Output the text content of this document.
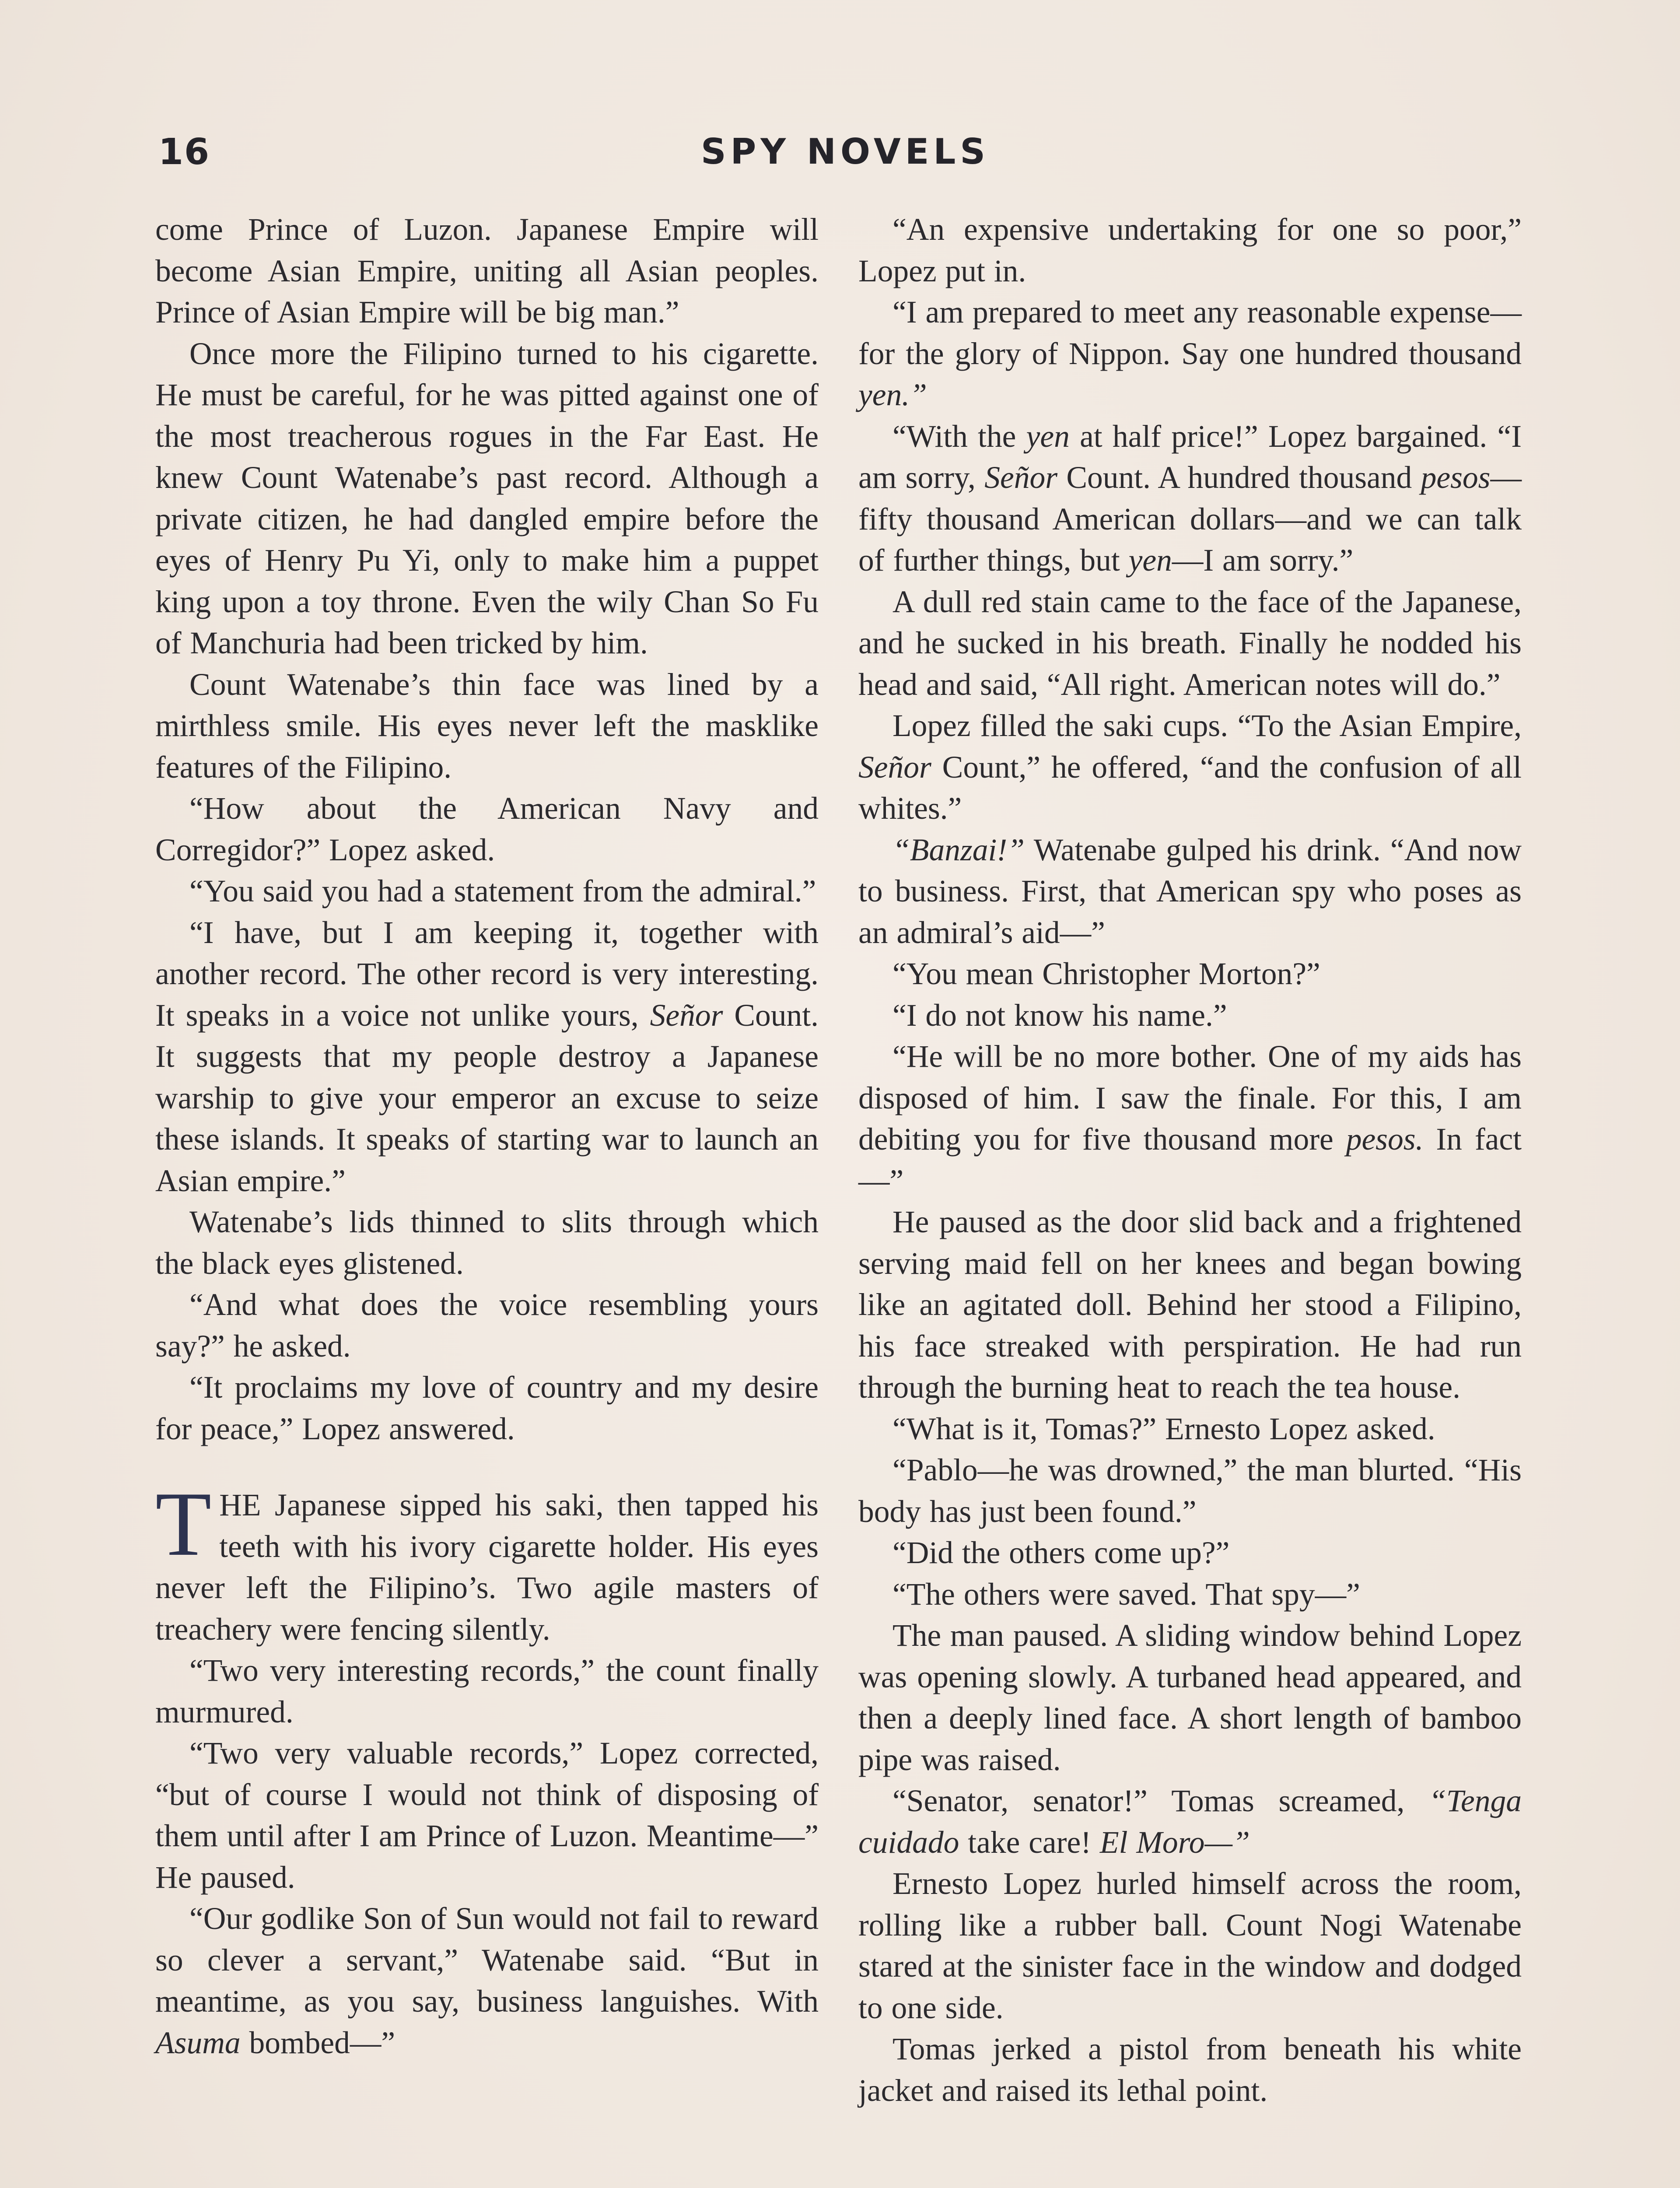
16	SPY NOVELS

come Prince of Luzon. Japanese Empire will become Asian Empire, uniting all Asian peoples. Prince of Asian Empire will be big man.”

Once more the Filipino turned to his cigarette. He must be careful, for he was pitted against one of the most treacherous rogues in the Far East. He knew Count Watenabe’s past record. Although a private citizen, he had dangled empire before the eyes of Henry Pu Yi, only to make him a puppet king upon a toy throne. Even the wily Chan So Fu of Manchuria had been tricked by him.

Count Watenabe’s thin face was lined by a mirthless smile. His eyes never left the masklike features of the Filipino.

“How about the American Navy and Corregidor?” Lopez asked.

“You said you had a statement from the admiral.”

“I have, but I am keeping it, together with another record. The other record is very interesting. It speaks in a voice not unlike yours, Señor Count. It suggests that my people destroy a Japanese warship to give your emperor an excuse to seize these islands. It speaks of starting war to launch an Asian empire.”

Watenabe’s lids thinned to slits through which the black eyes glistened.

“And what does the voice resembling yours say?” he asked.

“It proclaims my love of country and my desire for peace,” Lopez answered.

THE Japanese sipped his saki, then tapped his teeth with his ivory cigarette holder. His eyes never left the Filipino’s. Two agile masters of treachery were fencing silently.

“Two very interesting records,” the count finally murmured.

“Two very valuable records,” Lopez corrected, “but of course I would not think of disposing of them until after I am Prince of Luzon. Meantime—” He paused.

“Our godlike Son of Sun would not fail to reward so clever a servant,” Watenabe said. “But in meantime, as you say, business languishes. With Asuma bombed—”

“An expensive undertaking for one so poor,” Lopez put in.

“I am prepared to meet any reasonable expense—for the glory of Nippon. Say one hundred thousand yen.”

“With the yen at half price!” Lopez bargained. “I am sorry, Señor Count. A hundred thousand pesos—fifty thousand American dollars—and we can talk of further things, but yen—I am sorry.”

A dull red stain came to the face of the Japanese, and he sucked in his breath. Finally he nodded his head and said, “All right. American notes will do.”

Lopez filled the saki cups. “To the Asian Empire, Señor Count,” he offered, “and the confusion of all whites.”

“Banzai!” Watenabe gulped his drink. “And now to business. First, that American spy who poses as an admiral’s aid—”

“You mean Christopher Morton?”

“I do not know his name.”

“He will be no more bother. One of my aids has disposed of him. I saw the finale. For this, I am debiting you for five thousand more pesos. In fact—”

He paused as the door slid back and a frightened serving maid fell on her knees and began bowing like an agitated doll. Behind her stood a Filipino, his face streaked with perspiration. He had run through the burning heat to reach the tea house.

“What is it, Tomas?” Ernesto Lopez asked.

“Pablo—he was drowned,” the man blurted. “His body has just been found.”

“Did the others come up?”

“The others were saved. That spy—”

The man paused. A sliding window behind Lopez was opening slowly. A turbaned head appeared, and then a deeply lined face. A short length of bamboo pipe was raised.

“Senator, senator!” Tomas screamed, “Tenga cuidado take care! El Moro—”

Ernesto Lopez hurled himself across the room, rolling like a rubber ball. Count Nogi Watenabe stared at the sinister face in the window and dodged to one side.

Tomas jerked a pistol from beneath his white jacket and raised its lethal point.
